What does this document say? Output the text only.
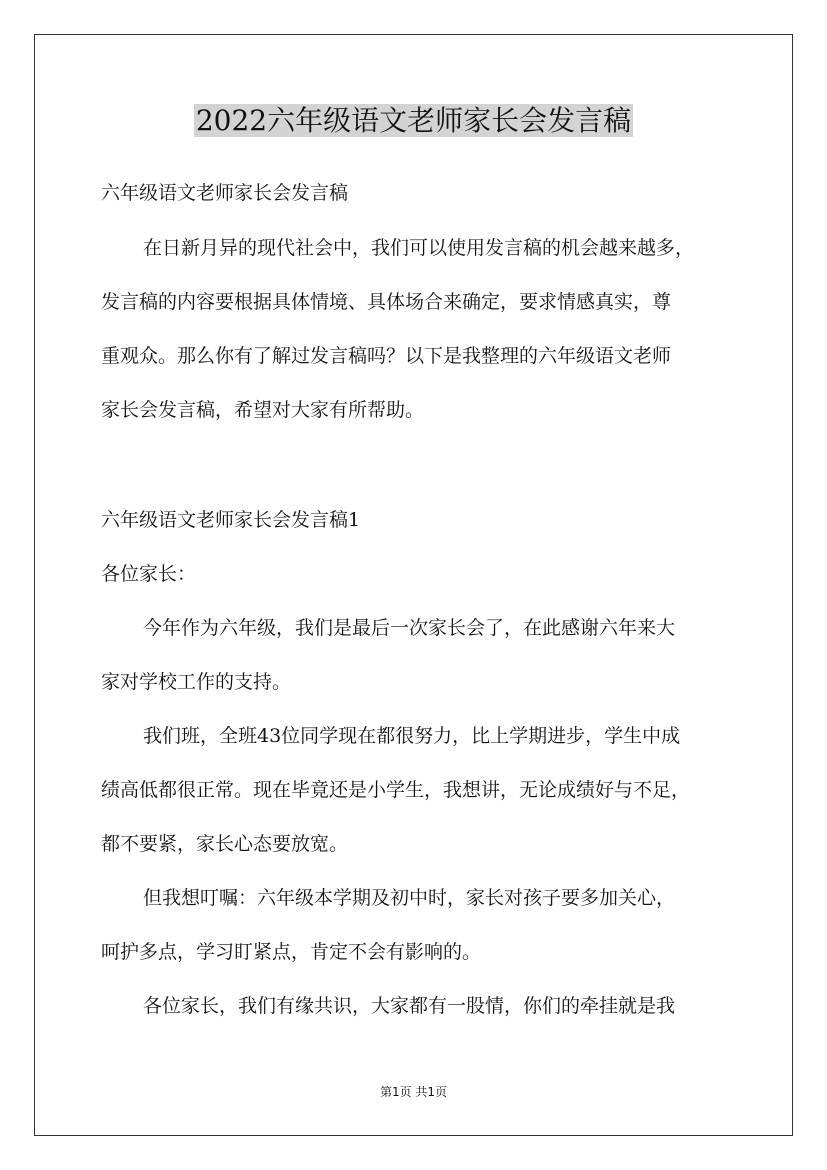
2022六年级语文老师家长会发言稿
六年级语文老师家长会发言稿
在日新月异的现代社会中，我们可以使用发言稿的机会越来越多，
发言稿的内容要根据具体情境、具体场合来确定，要求情感真实，尊
重观众。那么你有了解过发言稿吗？以下是我整理的六年级语文老师
家长会发言稿，希望对大家有所帮助。
六年级语文老师家长会发言稿1
各位家长：
今年作为六年级，我们是最后一次家长会了，在此感谢六年来大
家对学校工作的支持。
我们班，全班43位同学现在都很努力，比上学期进步，学生中成
绩高低都很正常。现在毕竟还是小学生，我想讲，无论成绩好与不足，
都不要紧，家长心态要放宽。
但我想叮嘱：六年级本学期及初中时，家长对孩子要多加关心，
呵护多点，学习盯紧点，肯定不会有影响的。
各位家长，我们有缘共识，大家都有一股情，你们的牵挂就是我
第1页 共1页
